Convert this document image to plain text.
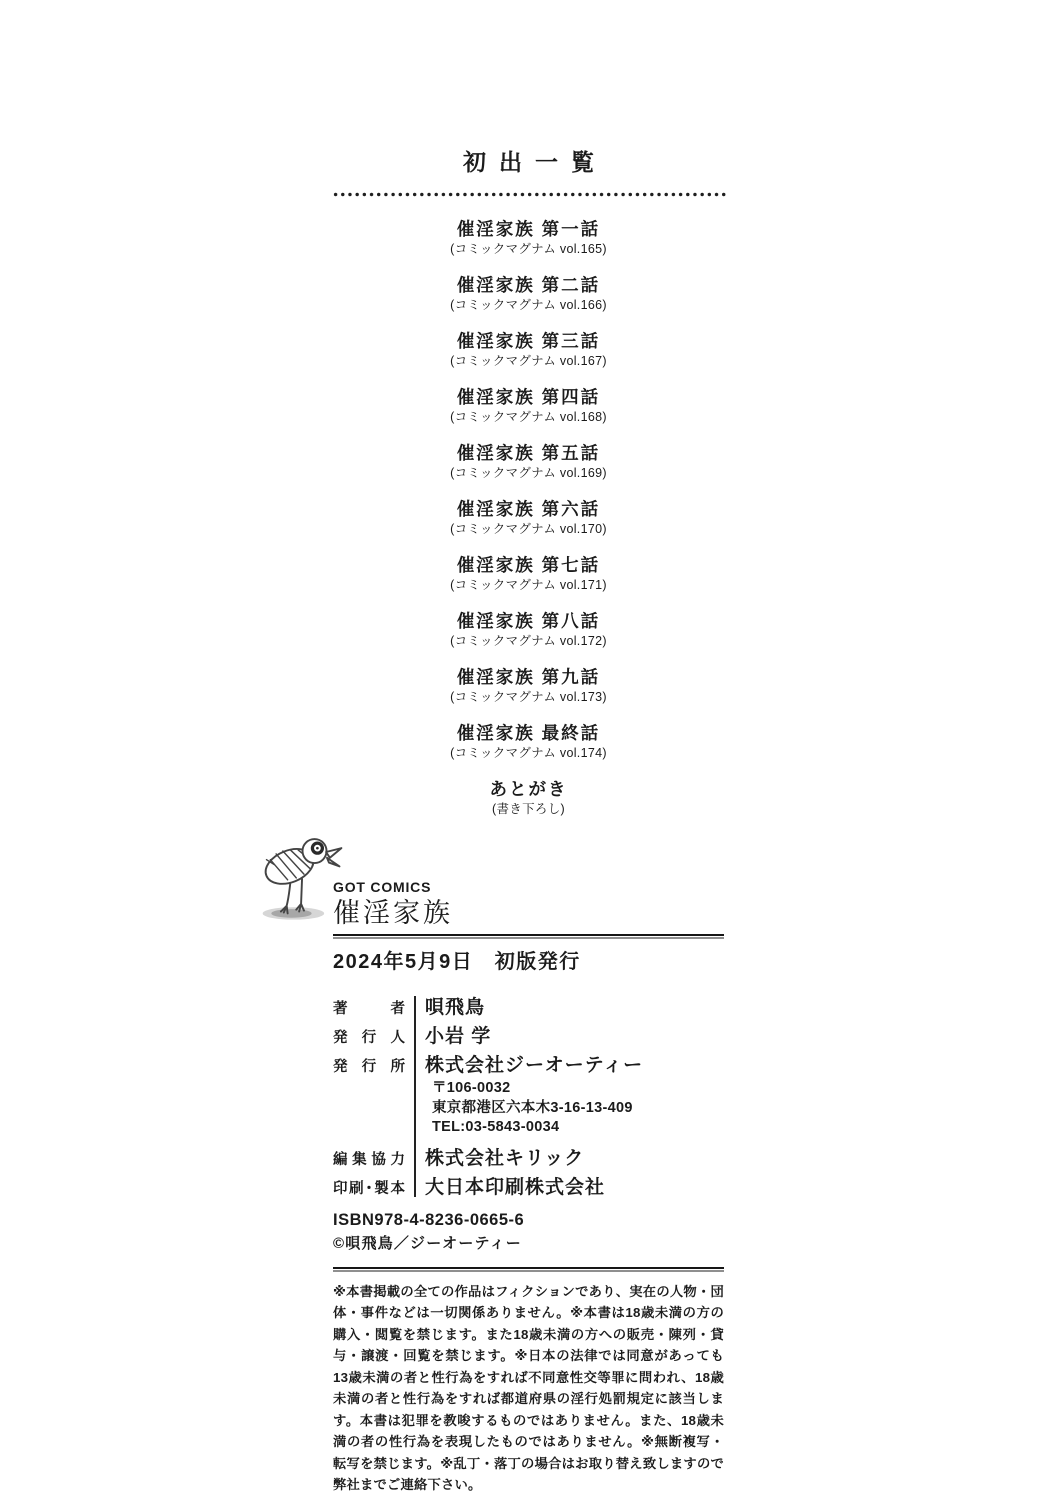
初出一覧
催淫家族 第一話
(コミックマグナム vol.165)
催淫家族 第二話
(コミックマグナム vol.166)
催淫家族 第三話
(コミックマグナム vol.167)
催淫家族 第四話
(コミックマグナム vol.168)
催淫家族 第五話
(コミックマグナム vol.169)
催淫家族 第六話
(コミックマグナム vol.170)
催淫家族 第七話
(コミックマグナム vol.171)
催淫家族 第八話
(コミックマグナム vol.172)
催淫家族 第九話
(コミックマグナム vol.173)
催淫家族 最終話
(コミックマグナム vol.174)
あとがき
(書き下ろし)
GOT COMICS
催淫家族
2024年5月9日　初版発行
著者 唄飛鳥
発行人 小岩 学
発行所 株式会社ジーオーティー
〒106-0032
東京都港区六本木3-16-13-409
TEL:03-5843-0034
編集協力 株式会社キリック
印刷･製本 大日本印刷株式会社
ISBN978-4-8236-0665-6
©唄飛鳥／ジーオーティー
※本書掲載の全ての作品はフィクションであり、実在の人物・団体・事件などは一切関係ありません。※本書は18歳未満の方の購入・閲覧を禁じます。また18歳未満の方への販売・陳列・貸与・譲渡・回覧を禁じます。※日本の法律では同意があっても13歳未満の者と性行為をすれば不同意性交等罪に問われ、18歳未満の者と性行為をすれば都道府県の淫行処罰規定に該当します。本書は犯罪を教唆するものではありません。また、18歳未満の者の性行為を表現したものではありません。※無断複写・転写を禁じます。※乱丁・落丁の場合はお取り替え致しますので弊社までご連絡下さい。
